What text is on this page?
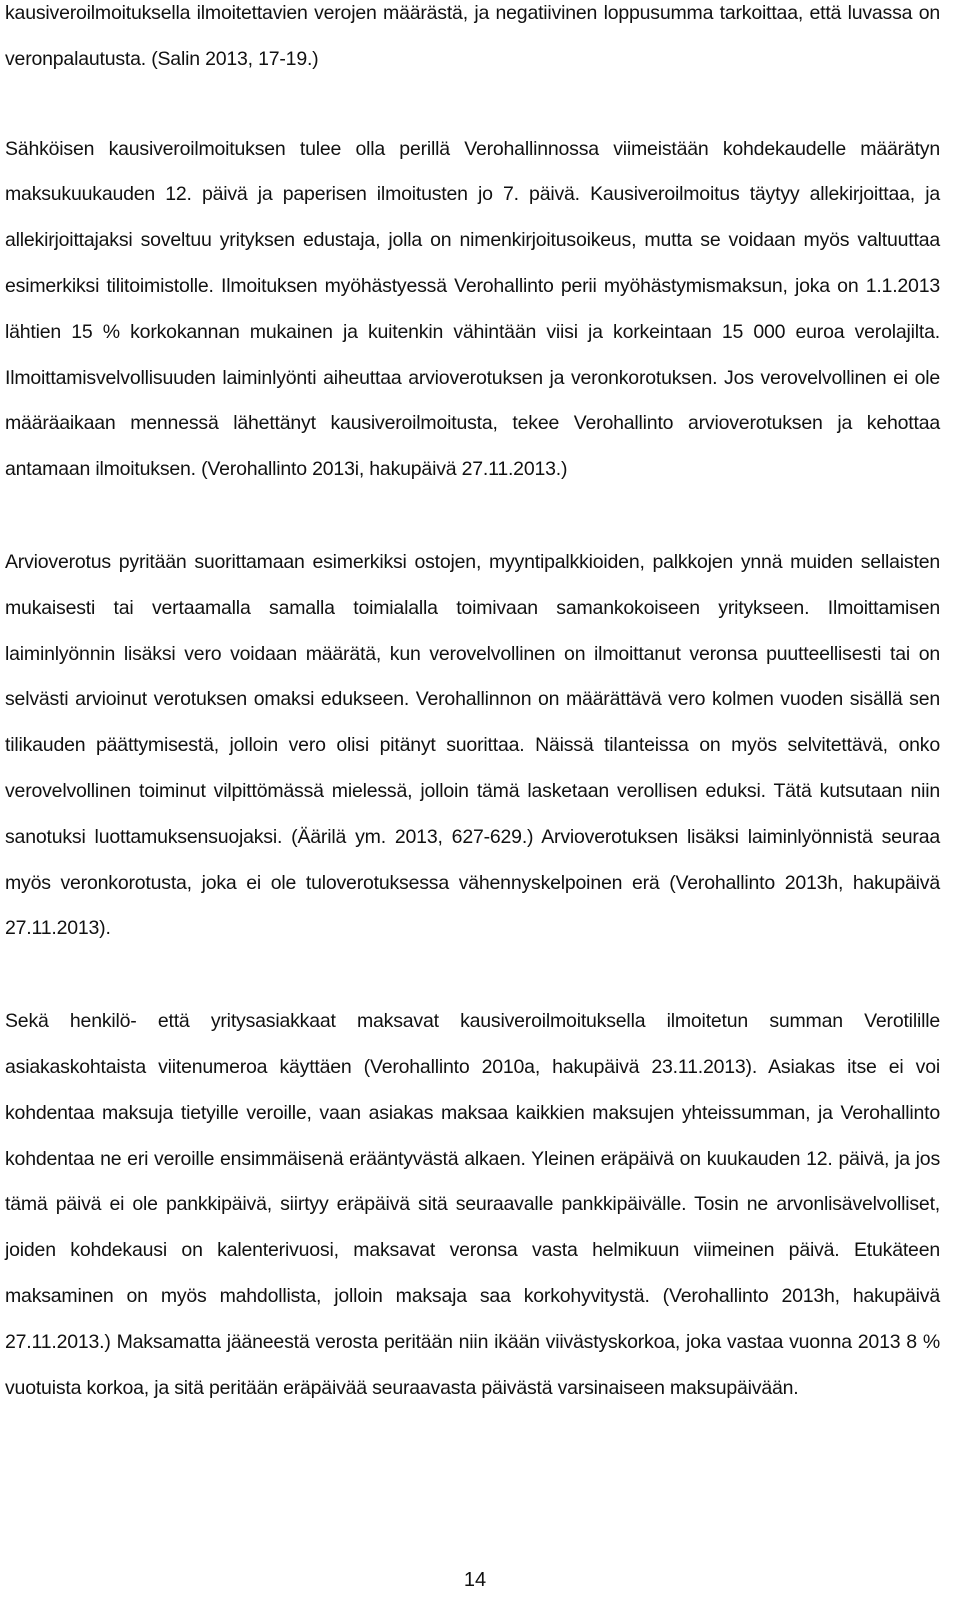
kausiveroilmoituksella ilmoitettavien verojen määrästä, ja negatiivinen loppusumma tarkoittaa, että luvassa on veronpalautusta. (Salin 2013, 17-19.)

Sähköisen kausiveroilmoituksen tulee olla perillä Verohallinnossa viimeistään kohdekaudelle määrätyn maksukuukauden 12. päivä ja paperisen ilmoitusten jo 7. päivä. Kausiveroilmoitus täytyy allekirjoittaa, ja allekirjoittajaksi soveltuu yrityksen edustaja, jolla on nimenkirjoitusoikeus, mutta se voidaan myös valtuuttaa esimerkiksi tilitoimistolle. Ilmoituksen myöhästyessä Verohallinto perii myöhästymismaksun, joka on 1.1.2013 lähtien 15 % korkokannan mukainen ja kuitenkin vähintään viisi ja korkeintaan 15 000 euroa verolajilta. Ilmoittamisvelvollisuuden laiminlyönti aiheuttaa arvioverotuksen ja veronkorotuksen. Jos verovelvollinen ei ole määräaikaan mennessä lähettänyt kausiveroilmoitusta, tekee Verohallinto arvioverotuksen ja kehottaa antamaan ilmoituksen. (Verohallinto 2013i, hakupäivä 27.11.2013.)

Arvioverotus pyritään suorittamaan esimerkiksi ostojen, myyntipalkkioiden, palkkojen ynnä muiden sellaisten mukaisesti tai vertaamalla samalla toimialalla toimivaan samankokoiseen yritykseen. Ilmoittamisen laiminlyönnin lisäksi vero voidaan määrätä, kun verovelvollinen on ilmoittanut veronsa puutteellisesti tai on selvästi arvioinut verotuksen omaksi edukseen. Verohallinnon on määrättävä vero kolmen vuoden sisällä sen tilikauden päättymisestä, jolloin vero olisi pitänyt suorittaa. Näissä tilanteissa on myös selvitettävä, onko verovelvollinen toiminut vilpittömässä mielessä, jolloin tämä lasketaan verollisen eduksi. Tätä kutsutaan niin sanotuksi luottamuksensuojaksi. (Äärilä ym. 2013, 627-629.) Arvioverotuksen lisäksi laiminlyönnistä seuraa myös veronkorotusta, joka ei ole tuloverotuksessa vähennyskelpoinen erä (Verohallinto 2013h, hakupäivä 27.11.2013).

Sekä henkilö- että yritysasiakkaat maksavat kausiveroilmoituksella ilmoitetun summan Verotilille asiakaskohtaista viitenumeroa käyttäen (Verohallinto 2010a, hakupäivä 23.11.2013). Asiakas itse ei voi kohdentaa maksuja tietyille veroille, vaan asiakas maksaa kaikkien maksujen yhteissumman, ja Verohallinto kohdentaa ne eri veroille ensimmäisenä erääntyvästä alkaen. Yleinen eräpäivä on kuukauden 12. päivä, ja jos tämä päivä ei ole pankkipäivä, siirtyy eräpäivä sitä seuraavalle pankkipäivälle. Tosin ne arvonlisävelvolliset, joiden kohdekausi on kalenterivuosi, maksavat veronsa vasta helmikuun viimeinen päivä. Etukäteen maksaminen on myös mahdollista, jolloin maksaja saa korkohyvitystä. (Verohallinto 2013h, hakupäivä 27.11.2013.) Maksamatta jääneestä verosta peritään niin ikään viivästyskorkoa, joka vastaa vuonna 2013 8 % vuotuista korkoa, ja sitä peritään eräpäivää seuraavasta päivästä varsinaiseen maksupäivään.

14
